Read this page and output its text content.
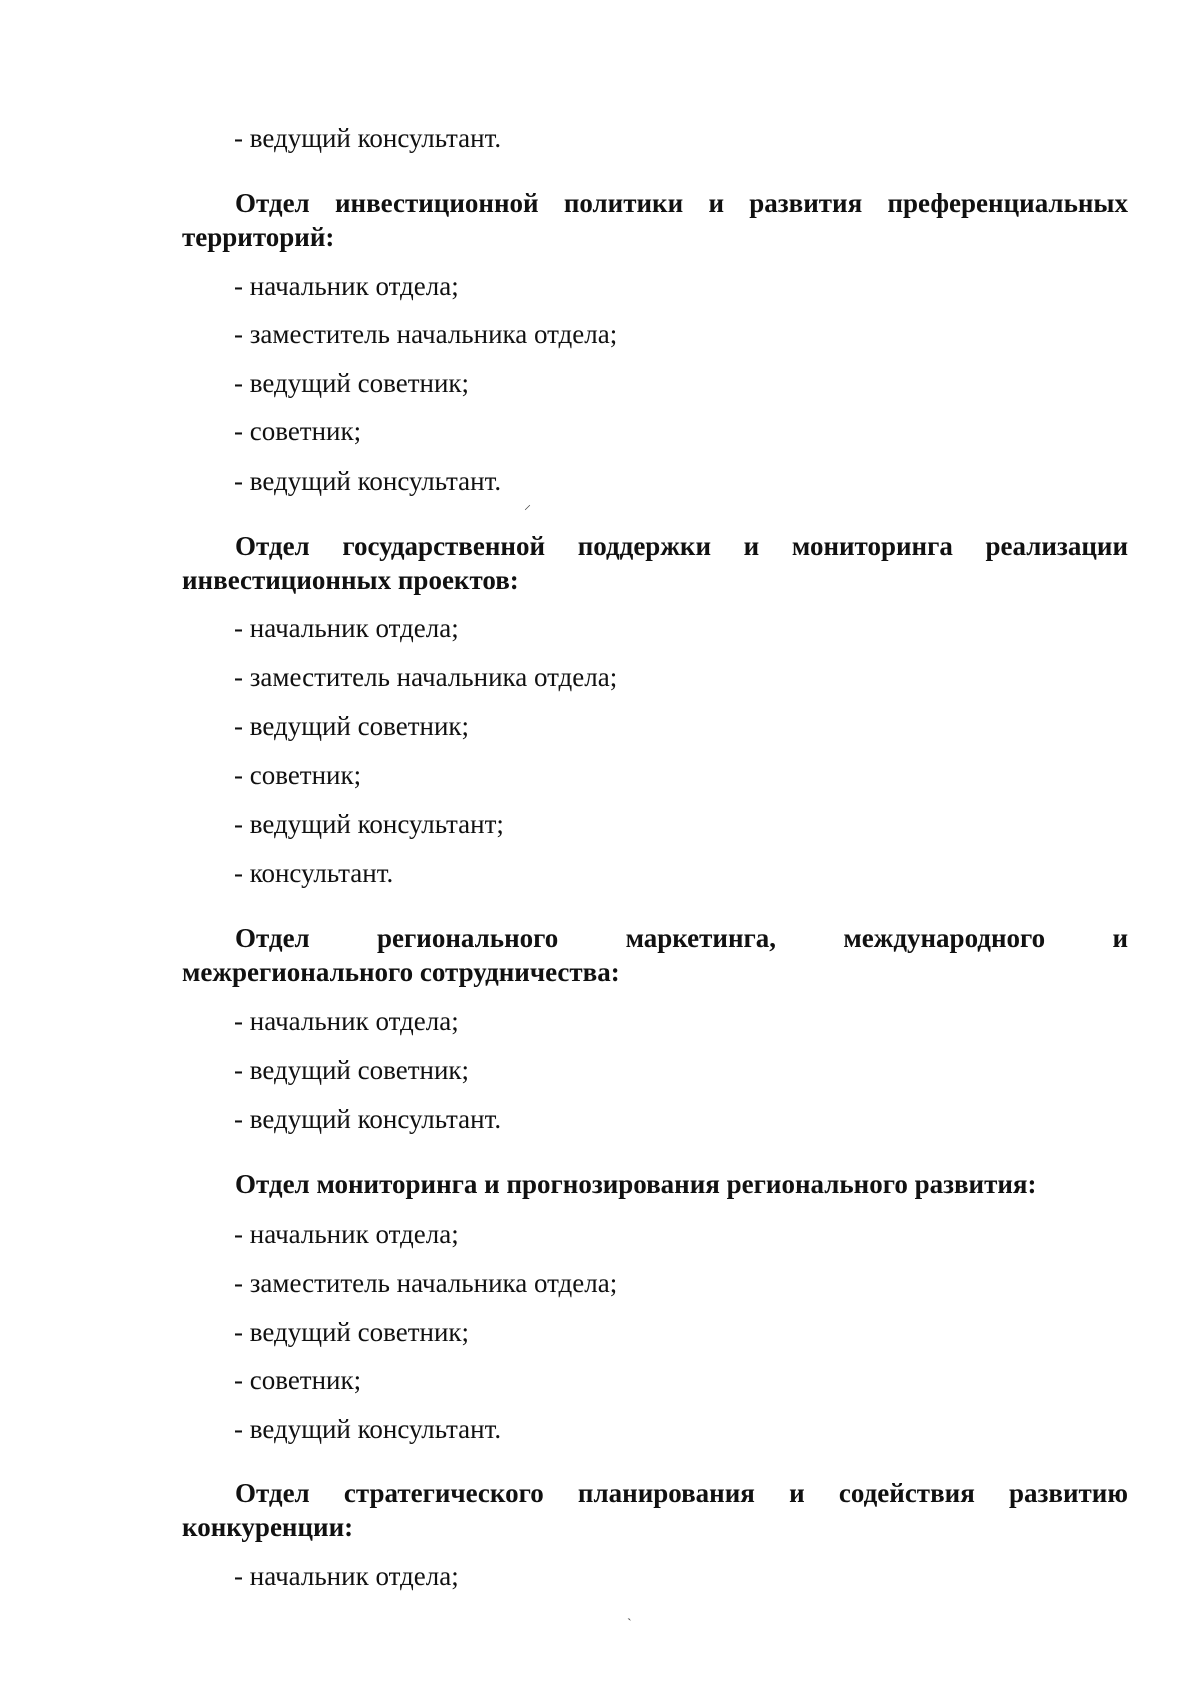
- ведущий консультант.

Отдел инвестиционной политики и развития преференциальных
территорий:

- начальник отдела;

- заместитель начальника отдела;

- ведущий советник;

- советник;

- ведущий консультант.

⸝
Отдел государственной поддержки и мониторинга реализации
инвестиционных проектов:

- начальник отдела;

- заместитель начальника отдела;

- ведущий советник;

- советник;

- ведущий консультант;

- консультант.

Отдел регионального маркетинга, международного и
межрегионального сотрудничества:

- начальник отдела;

- ведущий советник;

- ведущий консультант.

Отдел мониторинга и прогнозирования регионального развития:

- начальник отдела;

- заместитель начальника отдела;

- ведущий советник;

- советник;

- ведущий консультант.

Отдел стратегического планирования и содействия развитию
конкуренции:

- начальник отдела;

`
